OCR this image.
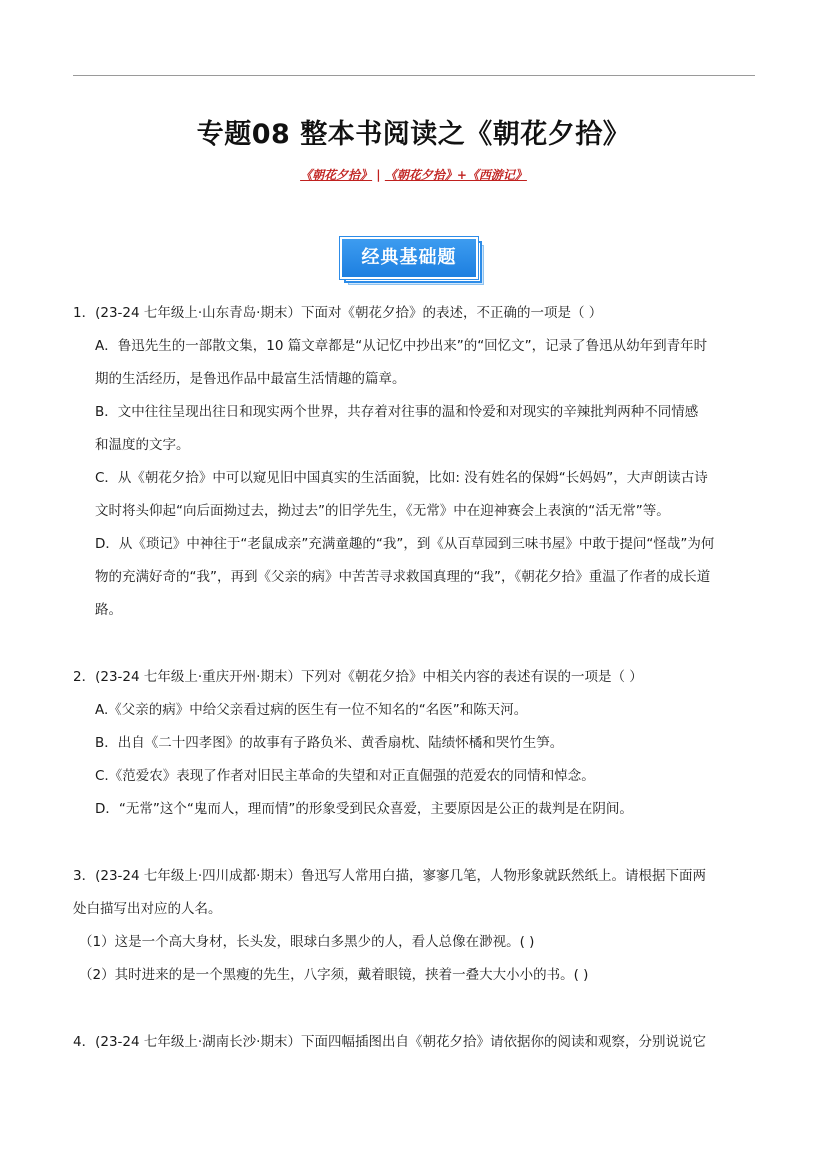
专题08 整本书阅读之《朝花夕拾》
《朝花夕拾》 | 《朝花夕拾》+《西游记》
经典基础题
1．(23-24 七年级上·山东青岛·期末）下面对《朝花夕拾》的表述，不正确的一项是（ ）
A．鲁迅先生的一部散文集，10 篇文章都是“从记忆中抄出来”的“回忆文”，记录了鲁迅从幼年到青年时
期的生活经历，是鲁迅作品中最富生活情趣的篇章。
B．文中往往呈现出往日和现实两个世界，共存着对往事的温和怜爱和对现实的辛辣批判两种不同情感
和温度的文字。
C．从《朝花夕拾》中可以窥见旧中国真实的生活面貌，比如: 没有姓名的保姆“长妈妈”，大声朗读古诗
文时将头仰起“向后面拗过去，拗过去”的旧学先生，《无常》中在迎神赛会上表演的“活无常”等。
D．从《琐记》中神往于“老鼠成亲”充满童趣的“我”，到《从百草园到三味书屋》中敢于提问“怪哉”为何
物的充满好奇的“我”，再到《父亲的病》中苦苦寻求救国真理的“我”，《朝花夕拾》重温了作者的成长道
路。
2．(23-24 七年级上·重庆开州·期末）下列对《朝花夕拾》中相关内容的表述有误的一项是（ ）
A.《父亲的病》中给父亲看过病的医生有一位不知名的“名医”和陈天河。
B．出自《二十四孝图》的故事有子路负米、黄香扇枕、陆绩怀橘和哭竹生笋。
C.《范爱农》表现了作者对旧民主革命的失望和对正直倔强的范爱农的同情和悼念。
D．“无常”这个“鬼而人，理而情”的形象受到民众喜爱，主要原因是公正的裁判是在阴间。
3．(23-24 七年级上·四川成都·期末）鲁迅写人常用白描，寥寥几笔，人物形象就跃然纸上。请根据下面两
处白描写出对应的人名。
（1）这是一个高大身材，长头发，眼球白多黑少的人，看人总像在渺视。( )
（2）其时进来的是一个黑瘦的先生，八字须，戴着眼镜，挟着一叠大大小小的书。( )
4．(23-24 七年级上·湖南长沙·期末）下面四幅插图出自《朝花夕拾》请依据你的阅读和观察，分别说说它
